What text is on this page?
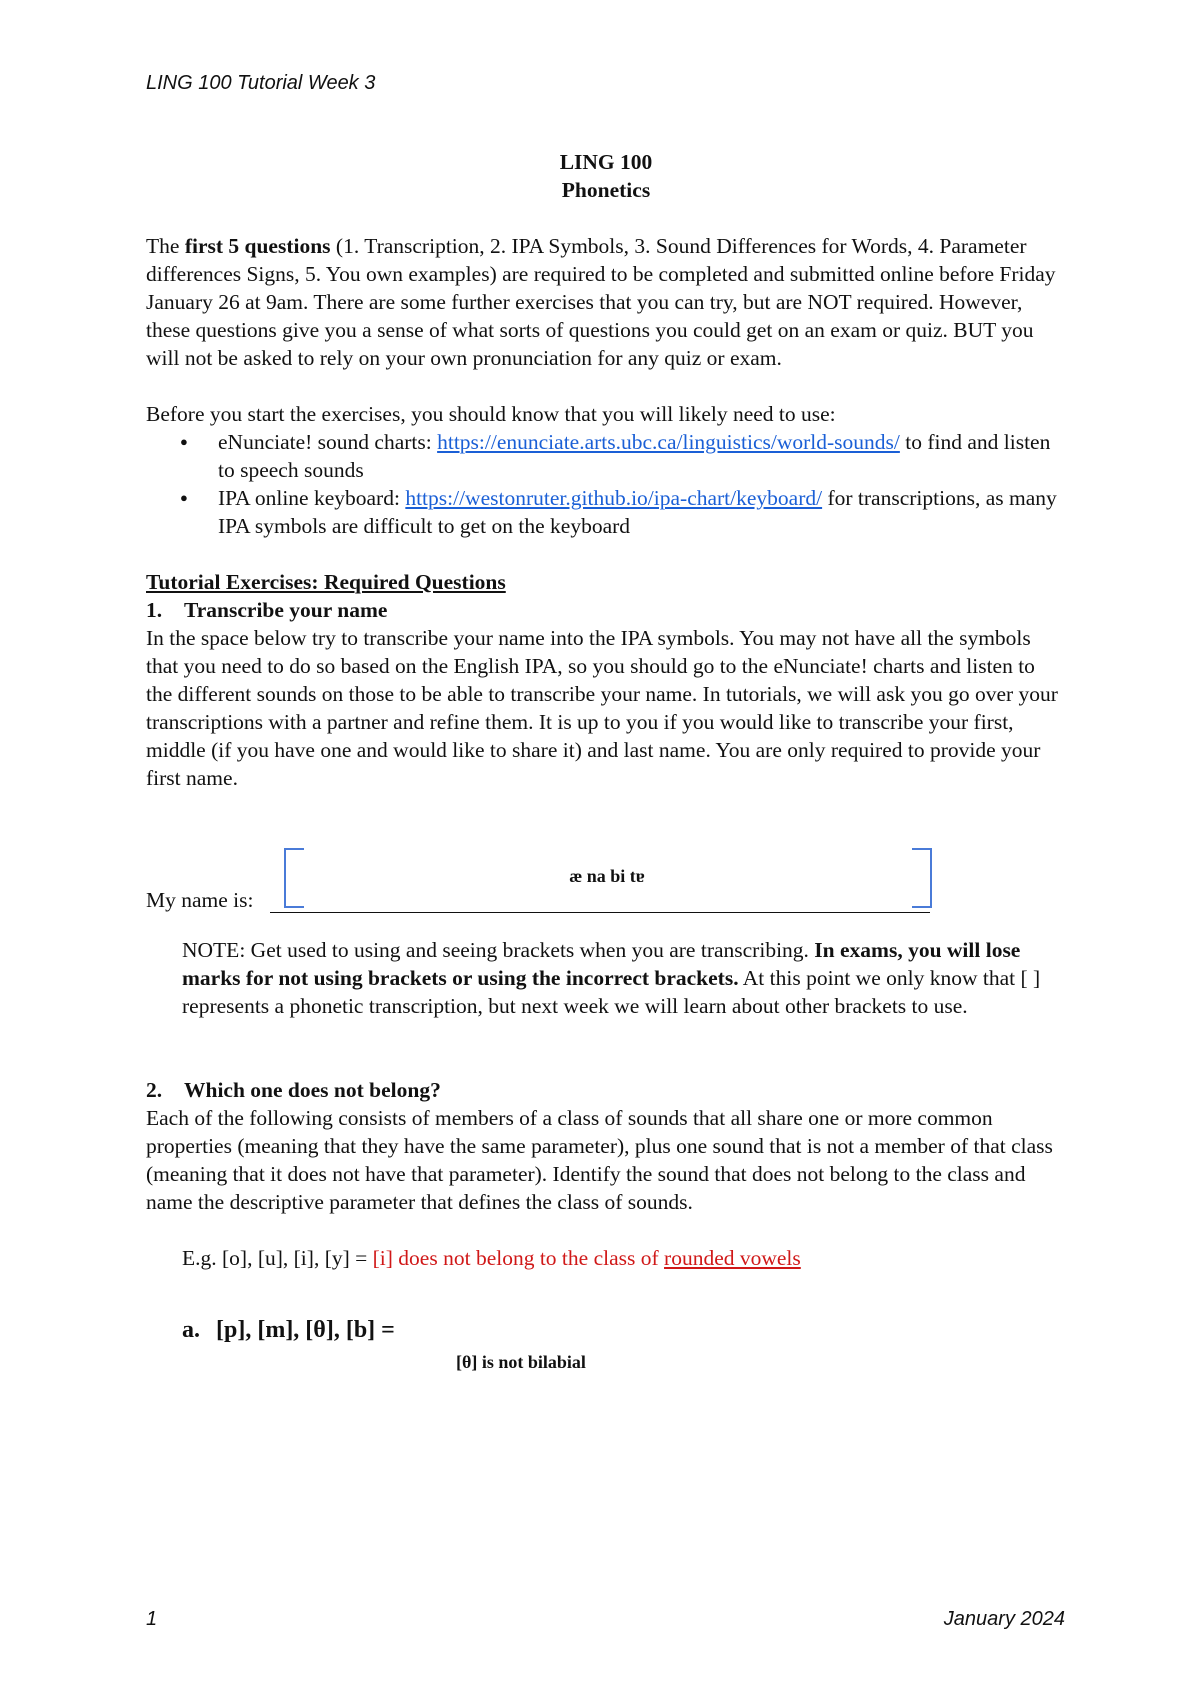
LING 100 Tutorial Week 3
LING 100
Phonetics

The first 5 questions (1. Transcription, 2. IPA Symbols, 3. Sound Differences for Words, 4. Parameter differences Signs, 5. You own examples) are required to be completed and submitted online before Friday January 26 at 9am. There are some further exercises that you can try, but are NOT required. However, these questions give you a sense of what sorts of questions you could get on an exam or quiz. BUT you will not be asked to rely on your own pronunciation for any quiz or exam.

Before you start the exercises, you should know that you will likely need to use:

● eNunciate! sound charts: https://enunciate.arts.ubc.ca/linguistics/world-sounds/ to find and listen to speech sounds
● IPA online keyboard: https://westonruter.github.io/ipa-chart/keyboard/ for transcriptions, as many IPA symbols are difficult to get on the keyboard

Tutorial Exercises: Required Questions

1. Transcribe your name

In the space below try to transcribe your name into the IPA symbols. You may not have all the symbols that you need to do so based on the English IPA, so you should go to the eNunciate! charts and listen to the different sounds on those to be able to transcribe your name. In tutorials, we will ask you go over your transcriptions with a partner and refine them. It is up to you if you would like to transcribe your first, middle (if you have one and would like to share it) and last name. You are only required to provide your first name.

æ na bi tɐ
My name is:

NOTE: Get used to using and seeing brackets when you are transcribing. In exams, you will lose marks for not using brackets or using the incorrect brackets. At this point we only know that [ ] represents a phonetic transcription, but next week we will learn about other brackets to use.

2. Which one does not belong?

Each of the following consists of members of a class of sounds that all share one or more common properties (meaning that they have the same parameter), plus one sound that is not a member of that class (meaning that it does not have that parameter). Identify the sound that does not belong to the class and name the descriptive parameter that defines the class of sounds.

E.g. [o], [u], [i], [y] = [i] does not belong to the class of rounded vowels

a. [p], [m], [θ], [b] =

[θ] is not bilabial

1	January 2024
